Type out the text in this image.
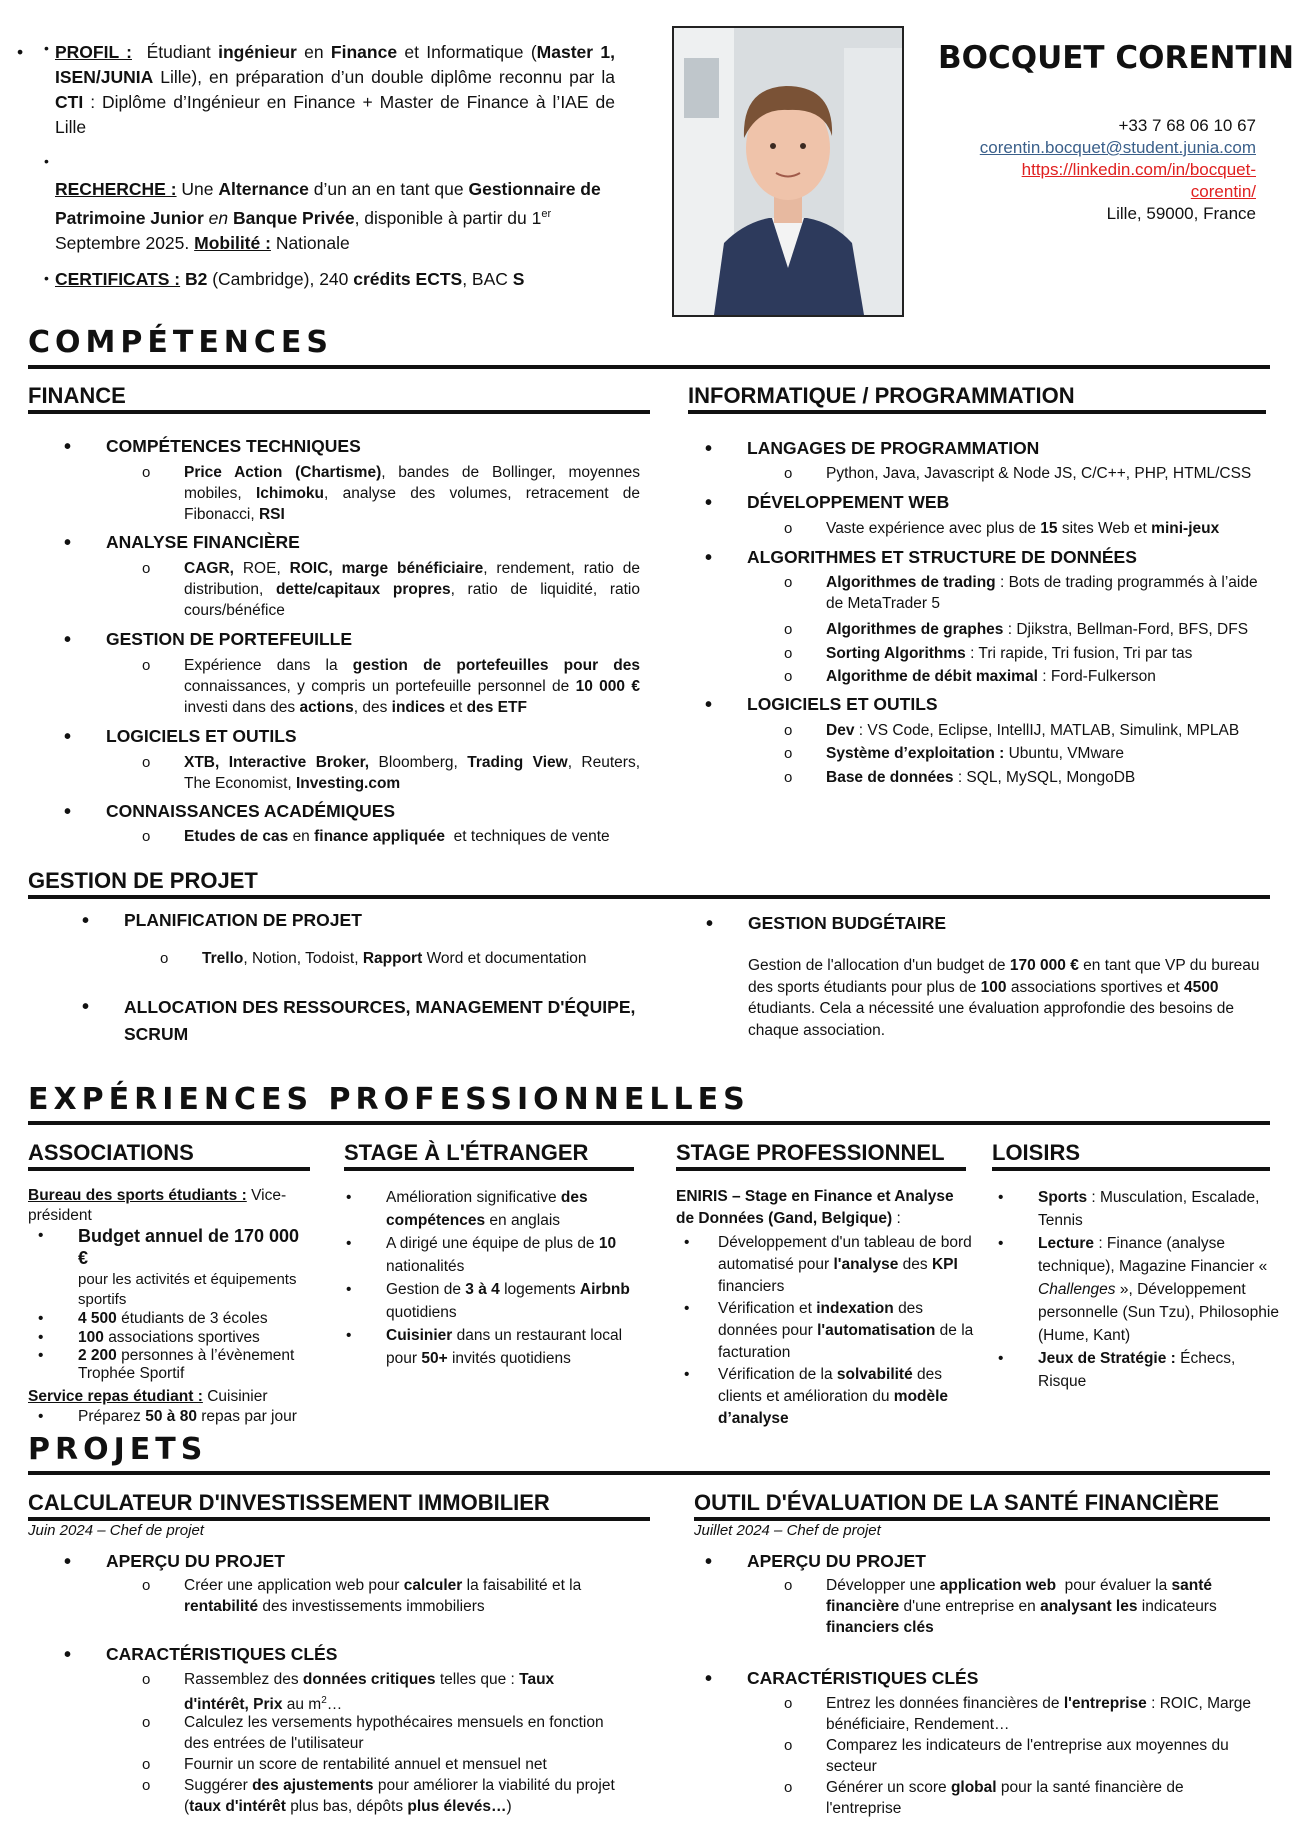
PROFIL : Étudiant ingénieur en Finance et Informatique (Master 1, ISEN/JUNIA Lille), en préparation d’un double diplôme reconnu par la CTI : Diplôme d’Ingénieur en Finance + Master de Finance à l’IAE de Lille
•
•
RECHERCHE : Une Alternance d’un an en tant que Gestionnaire de Patrimoine Junior en Banque Privée, disponible à partir du 1er Septembre 2025. Mobilité : Nationale
CERTIFICATS : B2 (Cambridge), 240 crédits ECTS, BAC S
•
BOCQUET CORENTIN
+33 7 68 06 10 67
corentin.bocquet@student.junia.com
https://linkedin.com/in/bocquet-
corentin/
Lille, 59000, France
COMPÉTENCES
FINANCE	INFORMATIQUE / PROGRAMMATION
• COMPÉTENCES TECHNIQUES
o Price Action (Chartisme), bandes de Bollinger, moyennes mobiles, Ichimoku, analyse des volumes, retracement de Fibonacci, RSI
• ANALYSE FINANCIÈRE
o CAGR, ROE, ROIC, marge bénéficiaire, rendement, ratio de distribution, dette/capitaux propres, ratio de liquidité, ratio cours/bénéfice
• GESTION DE PORTEFEUILLE
o Expérience dans la gestion de portefeuilles pour des connaissances, y compris un portefeuille personnel de 10 000 € investi dans des actions, des indices et des ETF
• LOGICIELS ET OUTILS
o XTB, Interactive Broker, Bloomberg, Trading View, Reuters, The Economist, Investing.com
• CONNAISSANCES ACADÉMIQUES
o Etudes de cas en finance appliquée et techniques de vente
• LANGAGES DE PROGRAMMATION
o Python, Java, Javascript & Node JS, C/C++, PHP, HTML/CSS
• DÉVELOPPEMENT WEB
o Vaste expérience avec plus de 15 sites Web et mini-jeux
• ALGORITHMES ET STRUCTURE DE DONNÉES
o Algorithmes de trading : Bots de trading programmés à l’aide de MetaTrader 5
o Algorithmes de graphes : Djikstra, Bellman-Ford, BFS, DFS
o Sorting Algorithms : Tri rapide, Tri fusion, Tri par tas
o Algorithme de débit maximal : Ford-Fulkerson
• LOGICIELS ET OUTILS
o Dev : VS Code, Eclipse, IntellIJ, MATLAB, Simulink, MPLAB
o Système d’exploitation : Ubuntu, VMware
o Base de données : SQL, MySQL, MongoDB
GESTION DE PROJET
• PLANIFICATION DE PROJET
o Trello, Notion, Todoist, Rapport Word et documentation
• ALLOCATION DES RESSOURCES, MANAGEMENT D'ÉQUIPE, SCRUM
• GESTION BUDGÉTAIRE
Gestion de l'allocation d'un budget de 170 000 € en tant que VP du bureau des sports étudiants pour plus de 100 associations sportives et 4500 étudiants. Cela a nécessité une évaluation approfondie des besoins de chaque association.
EXPÉRIENCES PROFESSIONNELLES
ASSOCIATIONS	STAGE À L'ÉTRANGER	STAGE PROFESSIONNEL LOISIRS
Bureau des sports étudiants : Vice-président
• Budget annuel de 170 000 €
pour les activités et équipements sportifs
• 4 500 étudiants de 3 écoles
• 100 associations sportives
• 2 200 personnes à l’évènement Trophée Sportif
Service repas étudiant : Cuisinier
• Préparez 50 à 80 repas par jour
• Amélioration significative des compétences en anglais
• A dirigé une équipe de plus de 10 nationalités
• Gestion de 3 à 4 logements Airbnb quotidiens
• Cuisinier dans un restaurant local pour 50+ invités quotidiens
ENIRIS – Stage en Finance et Analyse de Données (Gand, Belgique) :
• Développement d'un tableau de bord automatisé pour l'analyse des KPI financiers
• Vérification et indexation des données pour l'automatisation de la facturation
• Vérification de la solvabilité des clients et amélioration du modèle d’analyse
• Sports : Musculation, Escalade, Tennis
• Lecture : Finance (analyse technique), Magazine Financier « Challenges », Développement personnelle (Sun Tzu), Philosophie (Hume, Kant)
• Jeux de Stratégie : Échecs, Risque
PROJETS
CALCULATEUR D'INVESTISSEMENT IMMOBILIER
Juin 2024 – Chef de projet
OUTIL D'ÉVALUATION DE LA SANTÉ FINANCIÈRE
Juillet 2024 – Chef de projet
• APERÇU DU PROJET
o Créer une application web pour calculer la faisabilité et la rentabilité des investissements immobiliers
• CARACTÉRISTIQUES CLÉS
o Rassemblez des données critiques telles que : Taux d'intérêt, Prix au $m^2\dots$
o Calculez les versements hypothécaires mensuels en fonction des entrées de l'utilisateur
o Fournir un score de rentabilité annuel et mensuel net
o Suggérer des ajustements pour améliorer la viabilité du projet (taux d'intérêt plus bas, dépôts plus élevés…)
• APERÇU DU PROJET
o Développer une application web pour évaluer la santé financière d'une entreprise en analysant les indicateurs financiers clés
• CARACTÉRISTIQUES CLÉS
o Entrez les données financières de l'entreprise : ROIC, Marge bénéficiaire, Rendement…
o Comparez les indicateurs de l'entreprise aux moyennes du secteur
o Générer un score global pour la santé financière de l'entreprise
